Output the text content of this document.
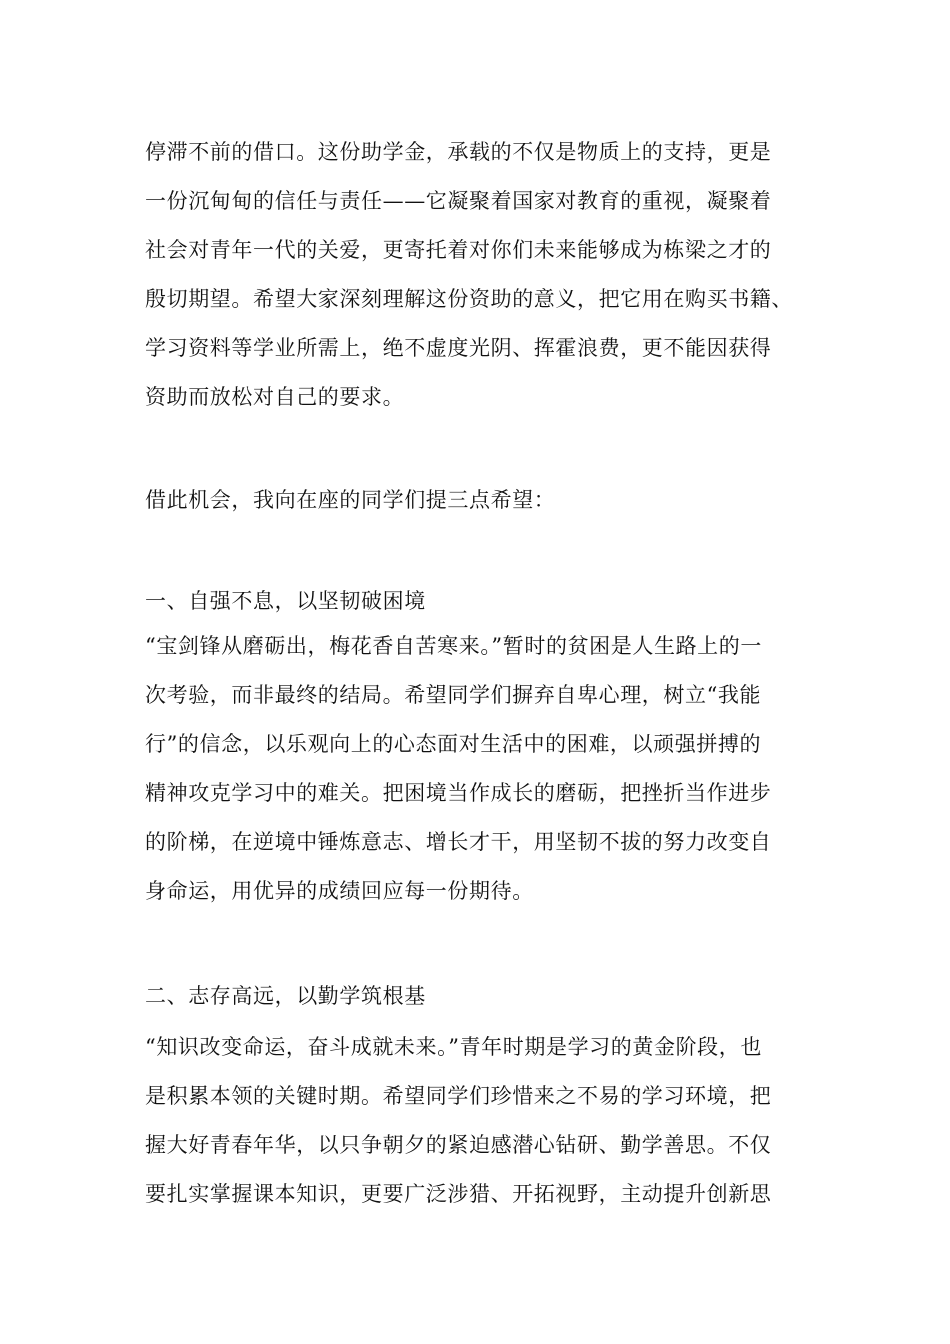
停滞不前的借口。这份助学金，承载的不仅是物质上的支持，更是
一份沉甸甸的信任与责任——它凝聚着国家对教育的重视，凝聚着
社会对青年一代的关爱，更寄托着对你们未来能够成为栋梁之才的
殷切期望。希望大家深刻理解这份资助的意义，把它用在购买书籍、
学习资料等学业所需上，绝不虚度光阴、挥霍浪费，更不能因获得
资助而放松对自己的要求。
借此机会，我向在座的同学们提三点希望：
一、自强不息，以坚韧破困境
“宝剑锋从磨砺出，梅花香自苦寒来。”暂时的贫困是人生路上的一
次考验，而非最终的结局。希望同学们摒弃自卑心理，树立“我能
行”的信念，以乐观向上的心态面对生活中的困难，以顽强拼搏的
精神攻克学习中的难关。把困境当作成长的磨砺，把挫折当作进步
的阶梯，在逆境中锤炼意志、增长才干，用坚韧不拔的努力改变自
身命运，用优异的成绩回应每一份期待。
二、志存高远，以勤学筑根基
“知识改变命运，奋斗成就未来。”青年时期是学习的黄金阶段，也
是积累本领的关键时期。希望同学们珍惜来之不易的学习环境，把
握大好青春年华，以只争朝夕的紧迫感潜心钻研、勤学善思。不仅
要扎实掌握课本知识，更要广泛涉猎、开拓视野，主动提升创新思
